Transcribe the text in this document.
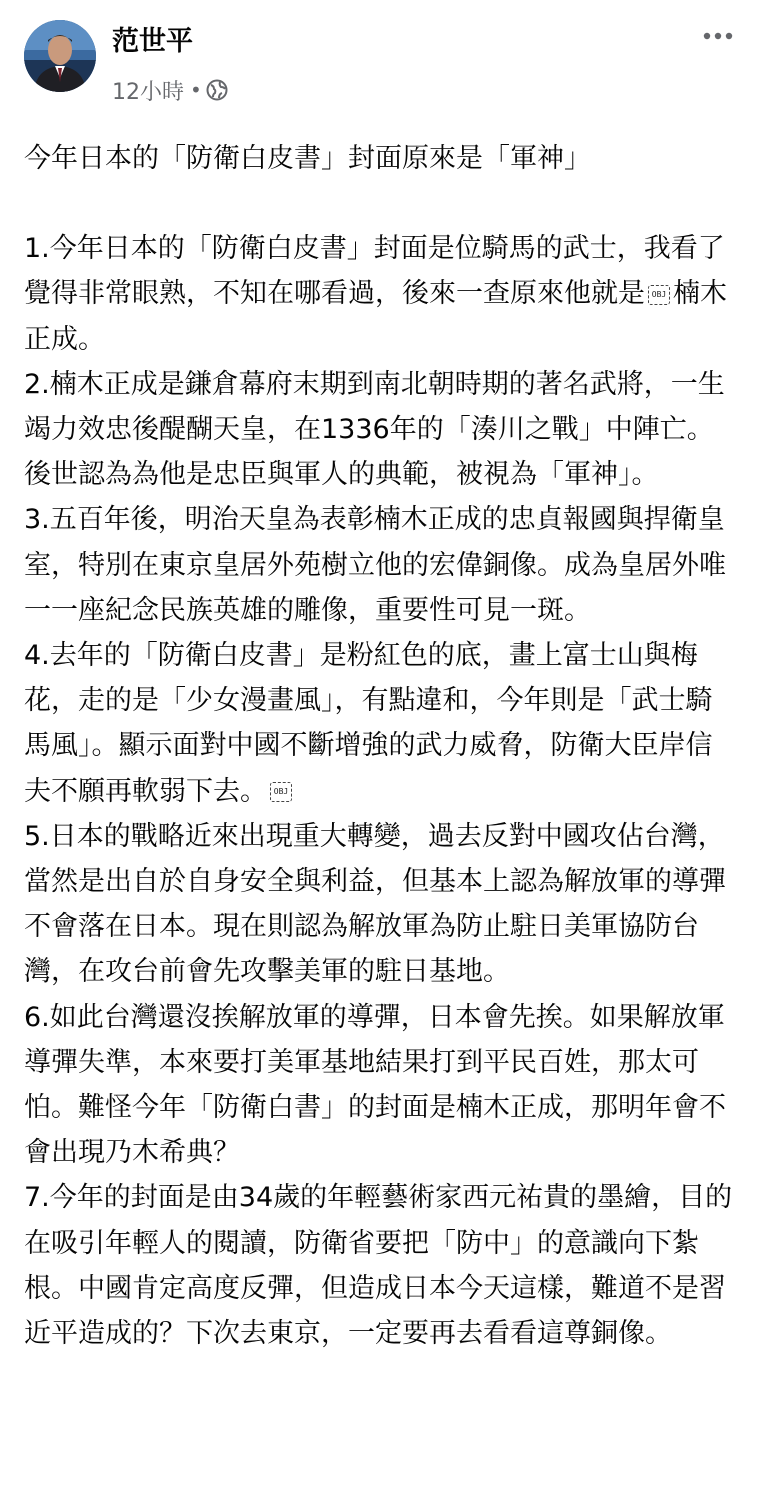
范世平
12小時 •

今年日本的「防衛白皮書」封面原來是「軍神」

1.今年日本的「防衛白皮書」封面是位騎馬的武士，我看了覺得非常眼熟，不知在哪看過，後來一查原來他就是 OBJ 楠木正成。

2.楠木正成是鎌倉幕府末期到南北朝時期的著名武將，一生竭力效忠後醍醐天皇，在1336年的「湊川之戰」中陣亡。後世認為為他是忠臣與軍人的典範，被視為「軍神」。

3.五百年後，明治天皇為表彰楠木正成的忠貞報國與捍衛皇室，特別在東京皇居外苑樹立他的宏偉銅像。成為皇居外唯一一座紀念民族英雄的雕像，重要性可見一斑。

4.去年的「防衛白皮書」是粉紅色的底，畫上富士山與梅花，走的是「少女漫畫風」，有點違和，今年則是「武士騎馬風」。顯示面對中國不斷增強的武力威脅，防衛大臣岸信夫不願再軟弱下去。 OBJ

5.日本的戰略近來出現重大轉變，過去反對中國攻佔台灣，當然是出自於自身安全與利益，但基本上認為解放軍的導彈不會落在日本。現在則認為解放軍為防止駐日美軍協防台灣，在攻台前會先攻擊美軍的駐日基地。

6.如此台灣還沒挨解放軍的導彈，日本會先挨。如果解放軍導彈失準，本來要打美軍基地結果打到平民百姓，那太可怕。難怪今年「防衛白書」的封面是楠木正成，那明年會不會出現乃木希典？

7.今年的封面是由34歲的年輕藝術家西元祐貴的墨繪，目的在吸引年輕人的閱讀，防衛省要把「防中」的意識向下紮根。中國肯定高度反彈，但造成日本今天這樣，難道不是習近平造成的？下次去東京，一定要再去看看這尊銅像。
